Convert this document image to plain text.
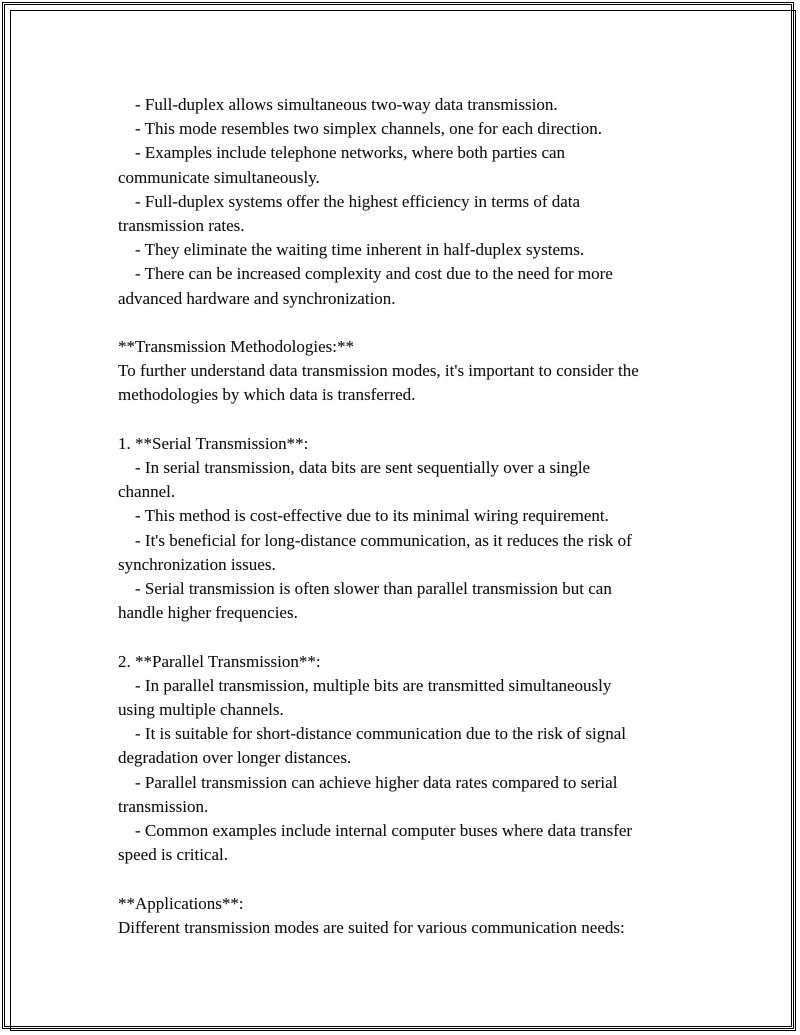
- Full-duplex allows simultaneous two-way data transmission.
- This mode resembles two simplex channels, one for each direction.
- Examples include telephone networks, where both parties can
communicate simultaneously.
- Full-duplex systems offer the highest efficiency in terms of data
transmission rates.
- They eliminate the waiting time inherent in half-duplex systems.
- There can be increased complexity and cost due to the need for more
advanced hardware and synchronization.
**Transmission Methodologies:**
To further understand data transmission modes, it's important to consider the
methodologies by which data is transferred.
1. **Serial Transmission**:
- In serial transmission, data bits are sent sequentially over a single
channel.
- This method is cost-effective due to its minimal wiring requirement.
- It's beneficial for long-distance communication, as it reduces the risk of
synchronization issues.
- Serial transmission is often slower than parallel transmission but can
handle higher frequencies.
2. **Parallel Transmission**:
- In parallel transmission, multiple bits are transmitted simultaneously
using multiple channels.
- It is suitable for short-distance communication due to the risk of signal
degradation over longer distances.
- Parallel transmission can achieve higher data rates compared to serial
transmission.
- Common examples include internal computer buses where data transfer
speed is critical.
**Applications**:
Different transmission modes are suited for various communication needs:
